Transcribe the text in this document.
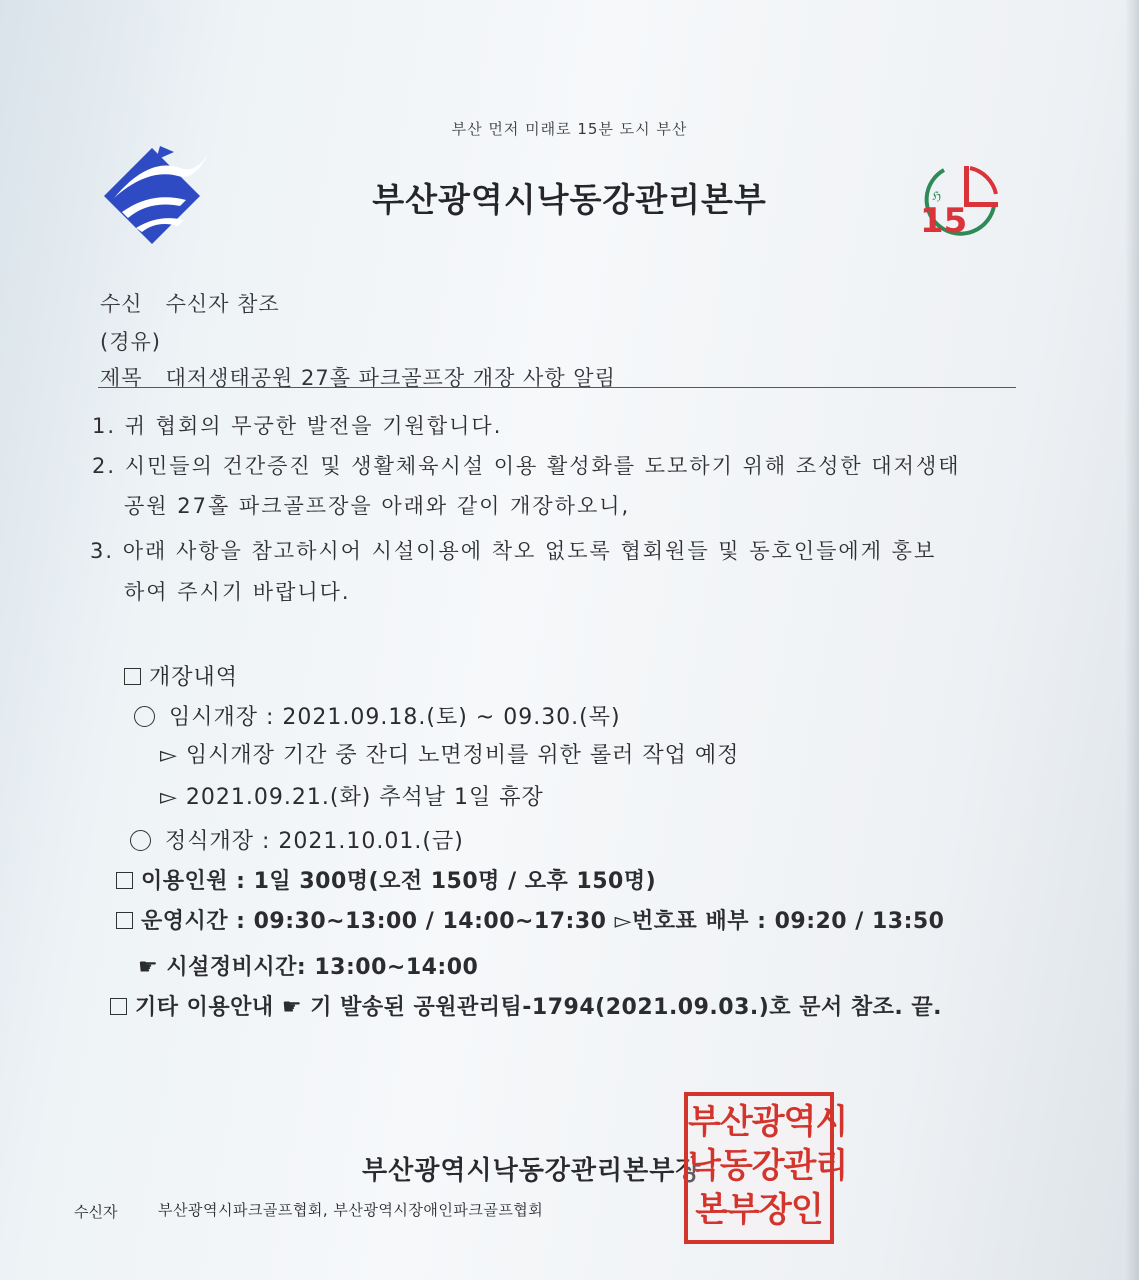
부산 먼저 미래로 15분 도시 부산
부산광역시낙동강관리본부
15
ℌ
수신 수신자 참조
(경유)
제목 대저생태공원 27홀 파크골프장 개장 사항 알림
1. 귀 협회의 무궁한 발전을 기원합니다.
2. 시민들의 건간증진 및 생활체육시설 이용 활성화를 도모하기 위해 조성한 대저생태
공원 27홀 파크골프장을 아래와 같이 개장하오니,
3. 아래 사항을 참고하시어 시설이용에 착오 없도록 협회원들 및 동호인들에게 홍보
하여 주시기 바랍니다.
개장내역
임시개장 : 2021.09.18.(토) ~ 09.30.(목)
▻ 임시개장 기간 중 잔디 노면정비를 위한 롤러 작업 예정
▻ 2021.09.21.(화) 추석날 1일 휴장
정식개장 : 2021.10.01.(금)
이용인원 : 1일 300명(오전 150명 / 오후 150명)
운영시간 : 09:30~13:00 / 14:00~17:30 ▻번호표 배부 : 09:20 / 13:50
☛ 시설정비시간: 13:00~14:00
기타 이용안내 ☛ 기 발송된 공원관리팀-1794(2021.09.03.)호 문서 참조. 끝.
부산광역시낙동강관리본부장
부산광역시
낙동강관리
본부장인
수신자	부산광역시파크골프협회, 부산광역시장애인파크골프협회
